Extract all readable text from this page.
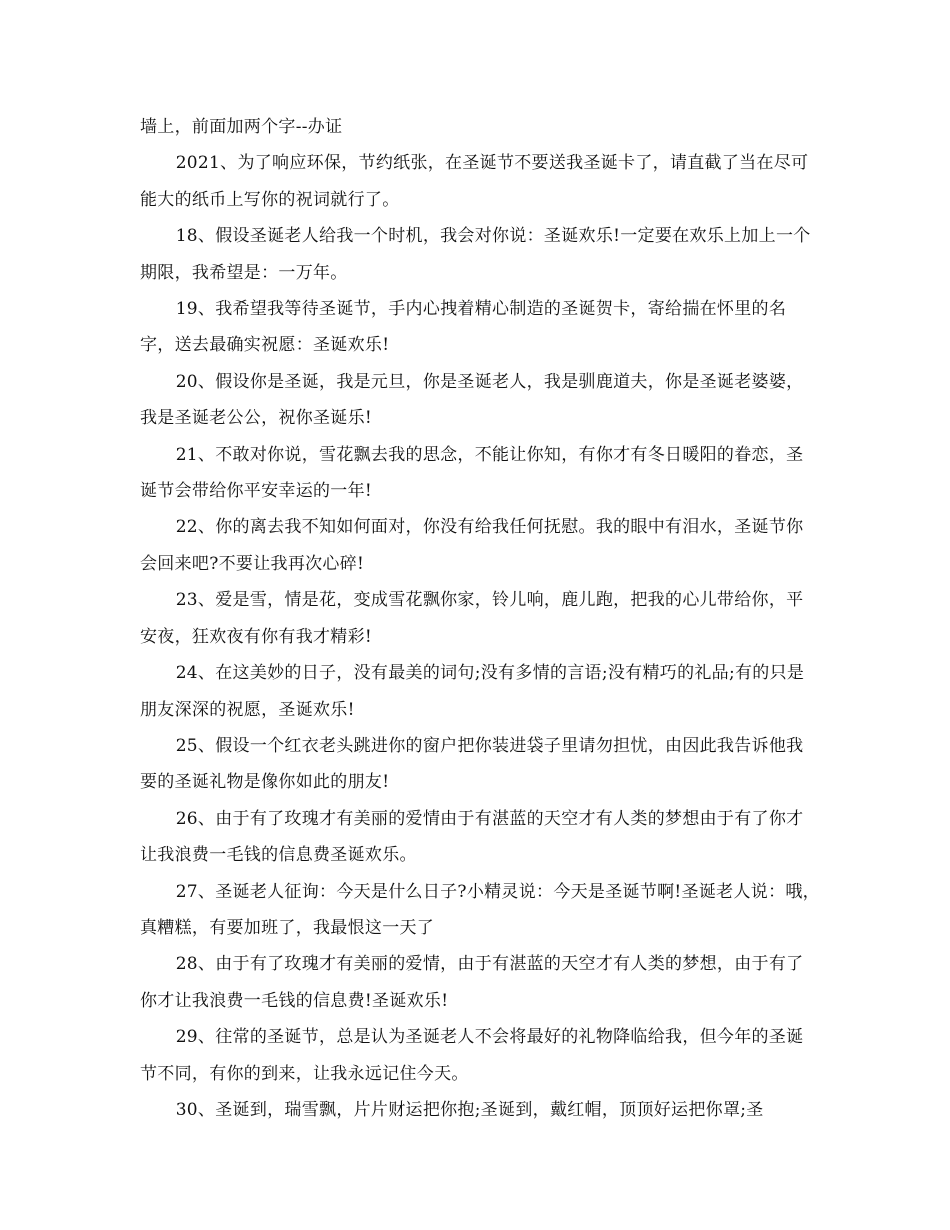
墙上，前面加两个字--办证

2021、为了响应环保，节约纸张，在圣诞节不要送我圣诞卡了，请直截了当在尽可能大的纸币上写你的祝词就行了。

18、假设圣诞老人给我一个时机，我会对你说：圣诞欢乐!一定要在欢乐上加上一个期限，我希望是：一万年。

19、我希望我等待圣诞节，手内心拽着精心制造的圣诞贺卡，寄给揣在怀里的名字，送去最确实祝愿：圣诞欢乐!

20、假设你是圣诞，我是元旦，你是圣诞老人，我是驯鹿道夫，你是圣诞老婆婆，我是圣诞老公公，祝你圣诞乐!

21、不敢对你说，雪花飘去我的思念，不能让你知，有你才有冬日暖阳的眷恋，圣诞节会带给你平安幸运的一年!

22、你的离去我不知如何面对，你没有给我任何抚慰。我的眼中有泪水，圣诞节你会回来吧?不要让我再次心碎!

23、爱是雪，情是花，变成雪花飘你家，铃儿响，鹿儿跑，把我的心儿带给你，平安夜，狂欢夜有你有我才精彩!

24、在这美妙的日子，没有最美的词句;没有多情的言语;没有精巧的礼品;有的只是朋友深深的祝愿，圣诞欢乐!

25、假设一个红衣老头跳进你的窗户把你装进袋子里请勿担忧，由因此我告诉他我要的圣诞礼物是像你如此的朋友!

26、由于有了玫瑰才有美丽的爱情由于有湛蓝的天空才有人类的梦想由于有了你才让我浪费一毛钱的信息费圣诞欢乐。

27、圣诞老人征询：今天是什么日子?小精灵说：今天是圣诞节啊!圣诞老人说：哦，真糟糕，有要加班了，我最恨这一天了

28、由于有了玫瑰才有美丽的爱情，由于有湛蓝的天空才有人类的梦想，由于有了你才让我浪费一毛钱的信息费!圣诞欢乐!

29、往常的圣诞节，总是认为圣诞老人不会将最好的礼物降临给我，但今年的圣诞节不同，有你的到来，让我永远记住今天。

30、圣诞到，瑞雪飘，片片财运把你抱;圣诞到，戴红帽，顶顶好运把你罩;圣
